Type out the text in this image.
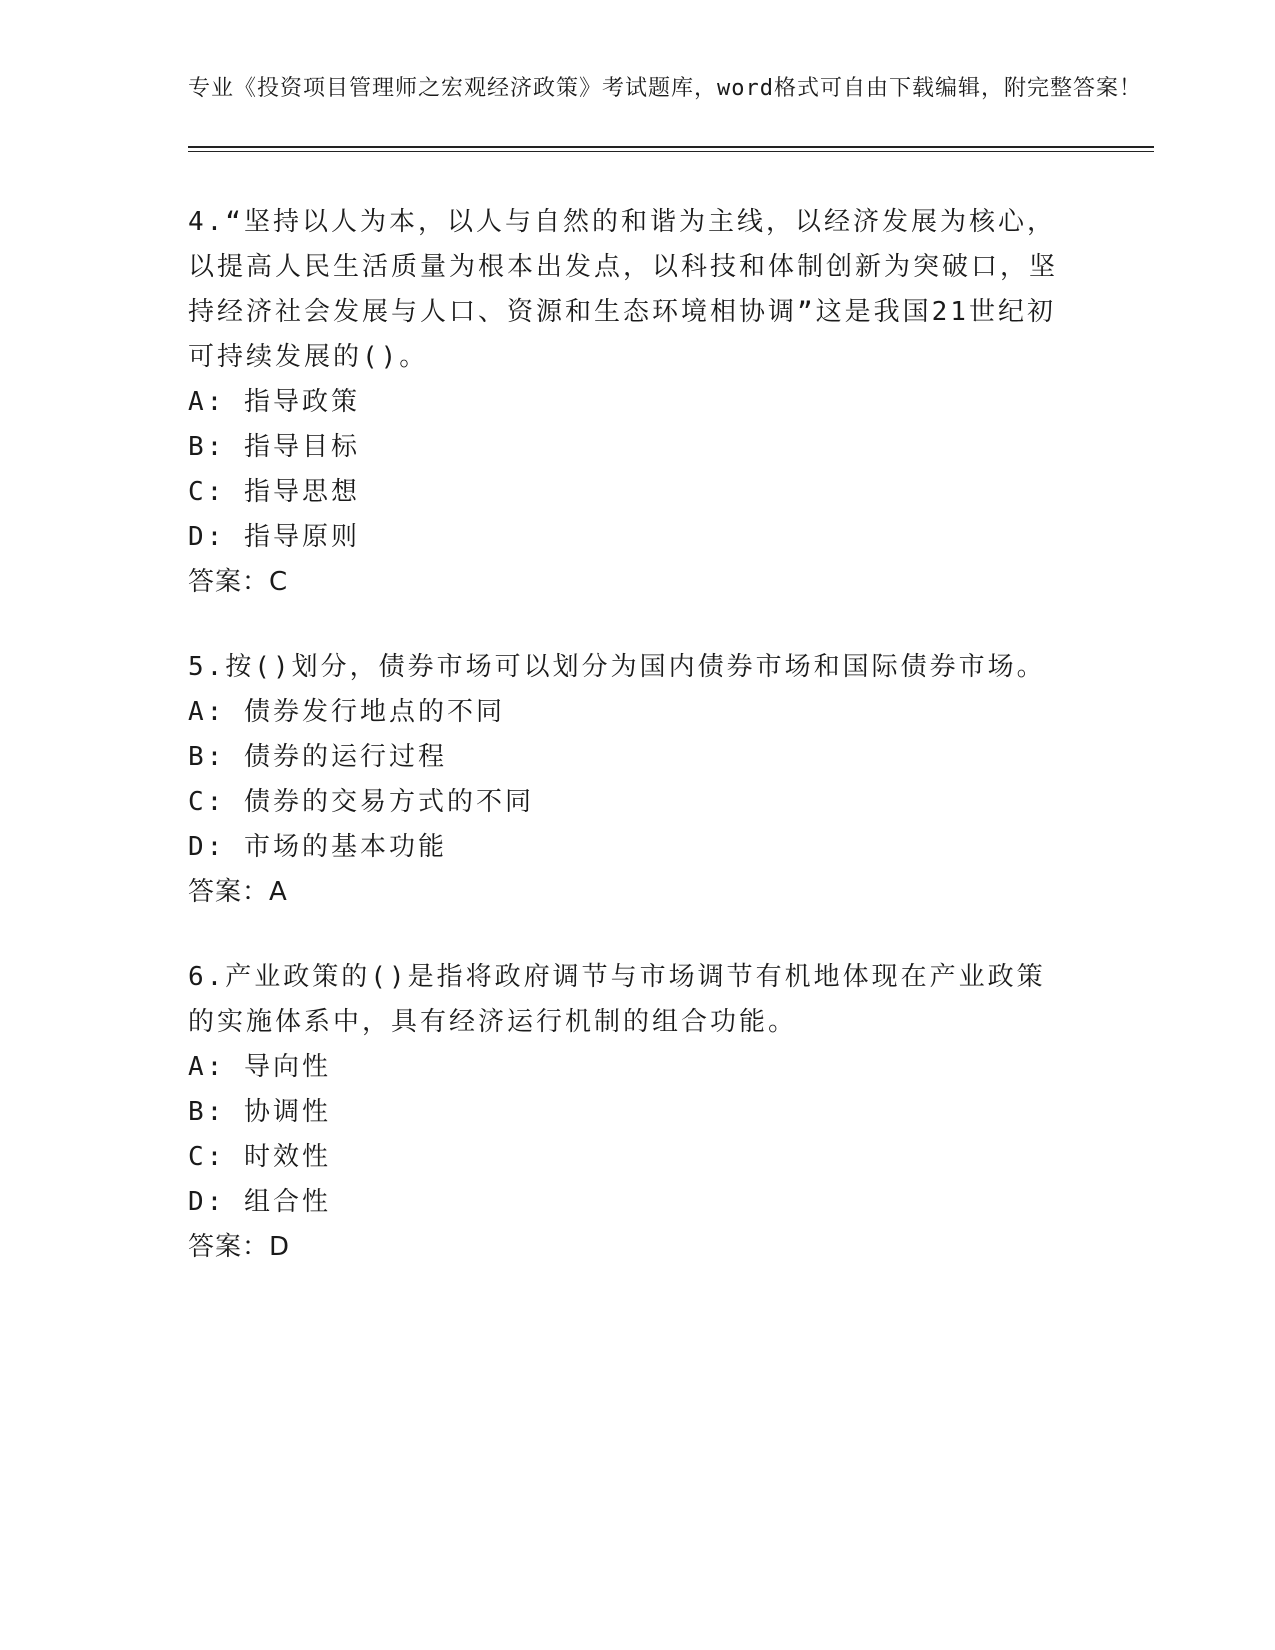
专业《投资项目管理师之宏观经济政策》考试题库，word格式可自由下载编辑，附完整答案！

4.“坚持以人为本，以人与自然的和谐为主线，以经济发展为核心，以提高人民生活质量为根本出发点，以科技和体制创新为突破口，坚持经济社会发展与人口、资源和生态环境相协调”这是我国21世纪初可持续发展的()。

A: 指导政策

B: 指导目标

C: 指导思想

D: 指导原则

答案：C

5.按()划分，债券市场可以划分为国内债券市场和国际债券市场。

A: 债券发行地点的不同

B: 债券的运行过程

C: 债券的交易方式的不同

D: 市场的基本功能

答案：A

6.产业政策的()是指将政府调节与市场调节有机地体现在产业政策的实施体系中，具有经济运行机制的组合功能。

A: 导向性

B: 协调性

C: 时效性

D: 组合性

答案：D
